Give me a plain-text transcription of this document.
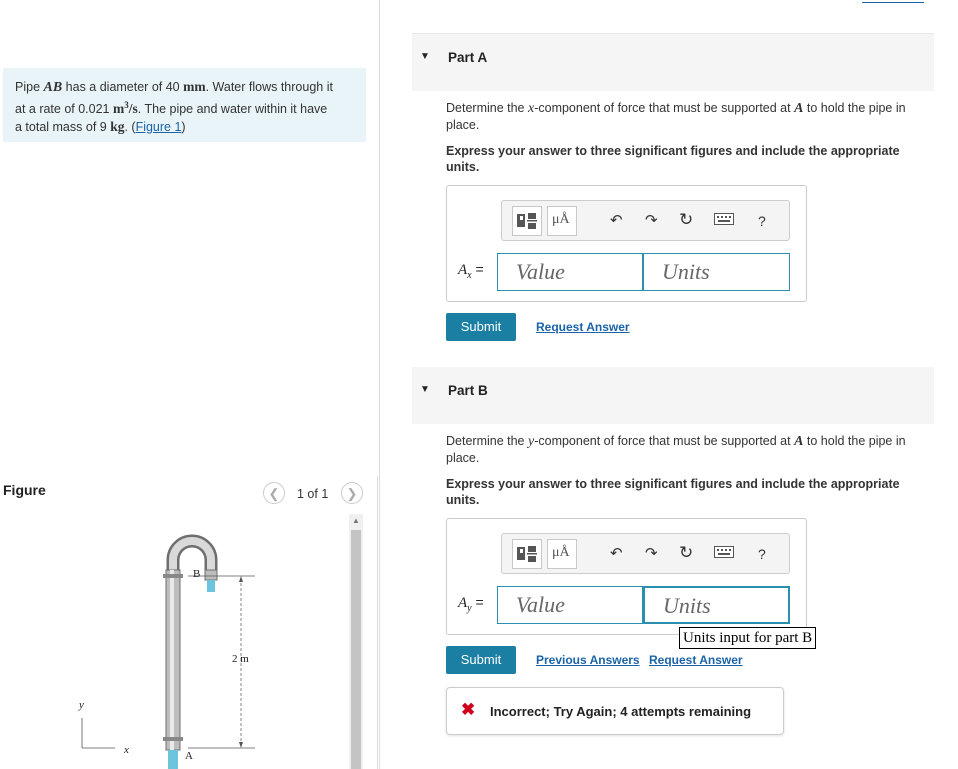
Pipe AB has a diameter of 40 mm. Water flows through it
at a rate of 0.021 $m^3/s$. The pipe and water within it have
a total mass of 9 kg. (Figure 1)
Figure	❮	1 of 1	❯
▲
B
A
2 m
y
x
▼ Part A
Determine the x-component of force that must be supported at A to hold the pipe in place.
Express your answer to three significant figures and include the appropriate units.
μÅ	↶ ↷ ↻	?
$A_x$ =	Value	Units
Submit	Request Answer
▼ Part B
Determine the y-component of force that must be supported at A to hold the pipe in place.
Express your answer to three significant figures and include the appropriate units.
μÅ	↶ ↷ ↻	?
$A_y$ =	Value	Units
Units input for part B
Submit	Previous Answers Request Answer
✖ Incorrect; Try Again; 4 attempts remaining
